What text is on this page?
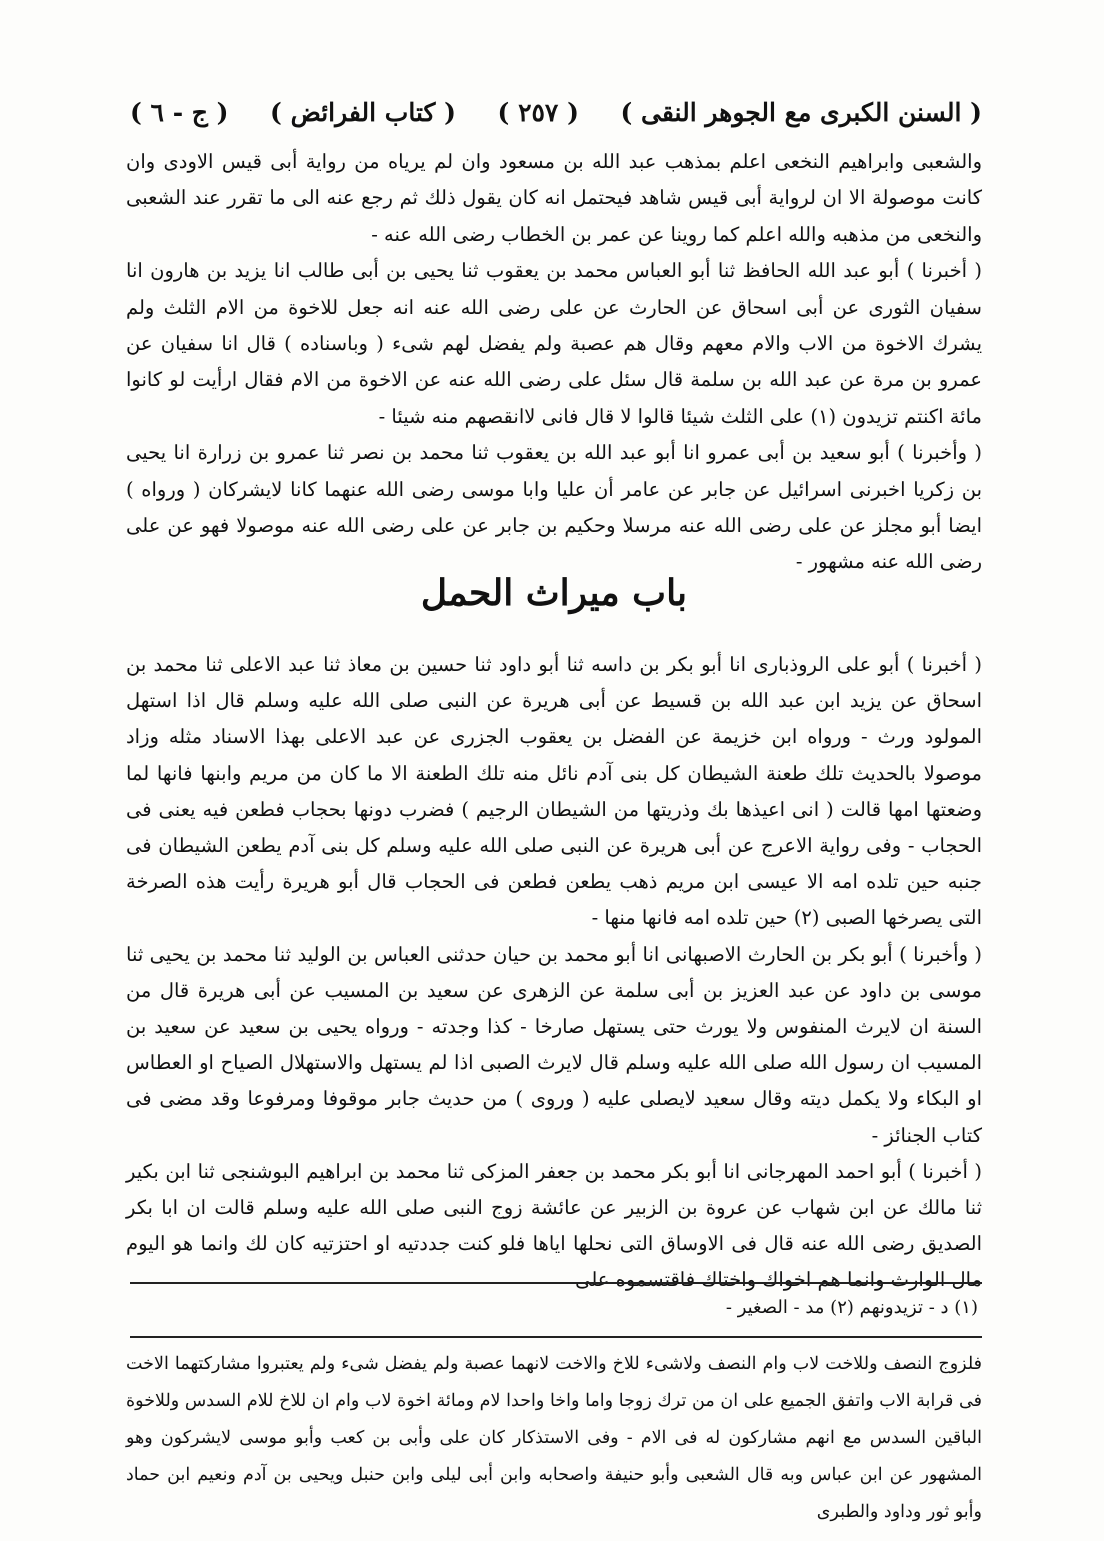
( السنن الكبرى مع الجوهر النقى )
( ٢٥٧ )
( كتاب الفرائض )
( ج - ٦ )

والشعبى وابراهيم النخعى اعلم بمذهب عبد الله بن مسعود وان لم يرياه من رواية أبى قيس الاودى وان كانت موصولة الا ان لرواية أبى قيس شاهد فيحتمل انه كان يقول ذلك ثم رجع عنه الى ما تقرر عند الشعبى والنخعى من مذهبه والله اعلم كما روينا عن عمر بن الخطاب رضى الله عنه -

( أخبرنا ) أبو عبد الله الحافظ ثنا أبو العباس محمد بن يعقوب ثنا يحيى بن أبى طالب انا يزيد بن هارون انا سفيان الثورى عن أبى اسحاق عن الحارث عن على رضى الله عنه انه جعل للاخوة من الام الثلث ولم يشرك الاخوة من الاب والام معهم وقال هم عصبة ولم يفضل لهم شىء ( وباسناده ) قال انا سفيان عن عمرو بن مرة عن عبد الله بن سلمة قال سئل على رضى الله عنه عن الاخوة من الام فقال ارأيت لو كانوا مائة اكنتم تزيدون (١) على الثلث شيئا قالوا لا قال فانى لاانقصهم منه شيئا -

( وأخبرنا ) أبو سعيد بن أبى عمرو انا أبو عبد الله بن يعقوب ثنا محمد بن نصر ثنا عمرو بن زرارة انا يحيى بن زكريا اخبرنى اسرائيل عن جابر عن عامر أن عليا وابا موسى رضى الله عنهما كانا لايشركان ( ورواه ) ايضا أبو مجلز عن على رضى الله عنه مرسلا وحكيم بن جابر عن على رضى الله عنه موصولا فهو عن على رضى الله عنه مشهور -

باب ميراث الحمل

( أخبرنا ) أبو على الروذبارى انا أبو بكر بن داسه ثنا أبو داود ثنا حسين بن معاذ ثنا عبد الاعلى ثنا محمد بن اسحاق عن يزيد ابن عبد الله بن قسيط عن أبى هريرة عن النبى صلى الله عليه وسلم قال اذا استهل المولود ورث - ورواه ابن خزيمة عن الفضل بن يعقوب الجزرى عن عبد الاعلى بهذا الاسناد مثله وزاد موصولا بالحديث تلك طعنة الشيطان كل بنى آدم نائل منه تلك الطعنة الا ما كان من مريم وابنها فانها لما وضعتها امها قالت ( انى اعيذها بك وذريتها من الشيطان الرجيم ) فضرب دونها بحجاب فطعن فيه يعنى فى الحجاب - وفى رواية الاعرج عن أبى هريرة عن النبى صلى الله عليه وسلم كل بنى آدم يطعن الشيطان فى جنبه حين تلده امه الا عيسى ابن مريم ذهب يطعن فطعن فى الحجاب قال أبو هريرة رأيت هذه الصرخة التى يصرخها الصبى (٢) حين تلده امه فانها منها -

( وأخبرنا ) أبو بكر بن الحارث الاصبهانى انا أبو محمد بن حيان حدثنى العباس بن الوليد ثنا محمد بن يحيى ثنا موسى بن داود عن عبد العزيز بن أبى سلمة عن الزهرى عن سعيد بن المسيب عن أبى هريرة قال من السنة ان لايرث المنفوس ولا يورث حتى يستهل صارخا - كذا وجدته - ورواه يحيى بن سعيد عن سعيد بن المسيب ان رسول الله صلى الله عليه وسلم قال لايرث الصبى اذا لم يستهل والاستهلال الصياح او العطاس او البكاء ولا يكمل ديته وقال سعيد لايصلى عليه ( وروى ) من حديث جابر موقوفا ومرفوعا وقد مضى فى كتاب الجنائز -

( أخبرنا ) أبو احمد المهرجانى انا أبو بكر محمد بن جعفر المزكى ثنا محمد بن ابراهيم البوشنجى ثنا ابن بكير ثنا مالك عن ابن شهاب عن عروة بن الزبير عن عائشة زوج النبى صلى الله عليه وسلم قالت ان ابا بكر الصديق رضى الله عنه قال فى الاوساق التى نحلها اياها فلو كنت جددتيه او احتزتيه كان لك وانما هو اليوم مال الوارث وانما هم اخواك واختاك فاقتسموه على

(١) د - تزيدونهم (٢) مد - الصغير -

فلزوج النصف وللاخت لاب وام النصف ولاشىء للاخ والاخت لانهما عصبة ولم يفضل شىء ولم يعتبروا مشاركتهما الاخت فى قرابة الاب واتفق الجميع على ان من ترك زوجا واما واخا واحدا لام ومائة اخوة لاب وام ان للاخ للام السدس وللاخوة الباقين السدس مع انهم مشاركون له فى الام - وفى الاستذكار كان على وأبى بن كعب وأبو موسى لايشركون وهو المشهور عن ابن عباس وبه قال الشعبى وأبو حنيفة واصحابه وابن أبى ليلى وابن حنبل ويحيى بن آدم ونعيم ابن حماد وأبو ثور وداود والطبرى
